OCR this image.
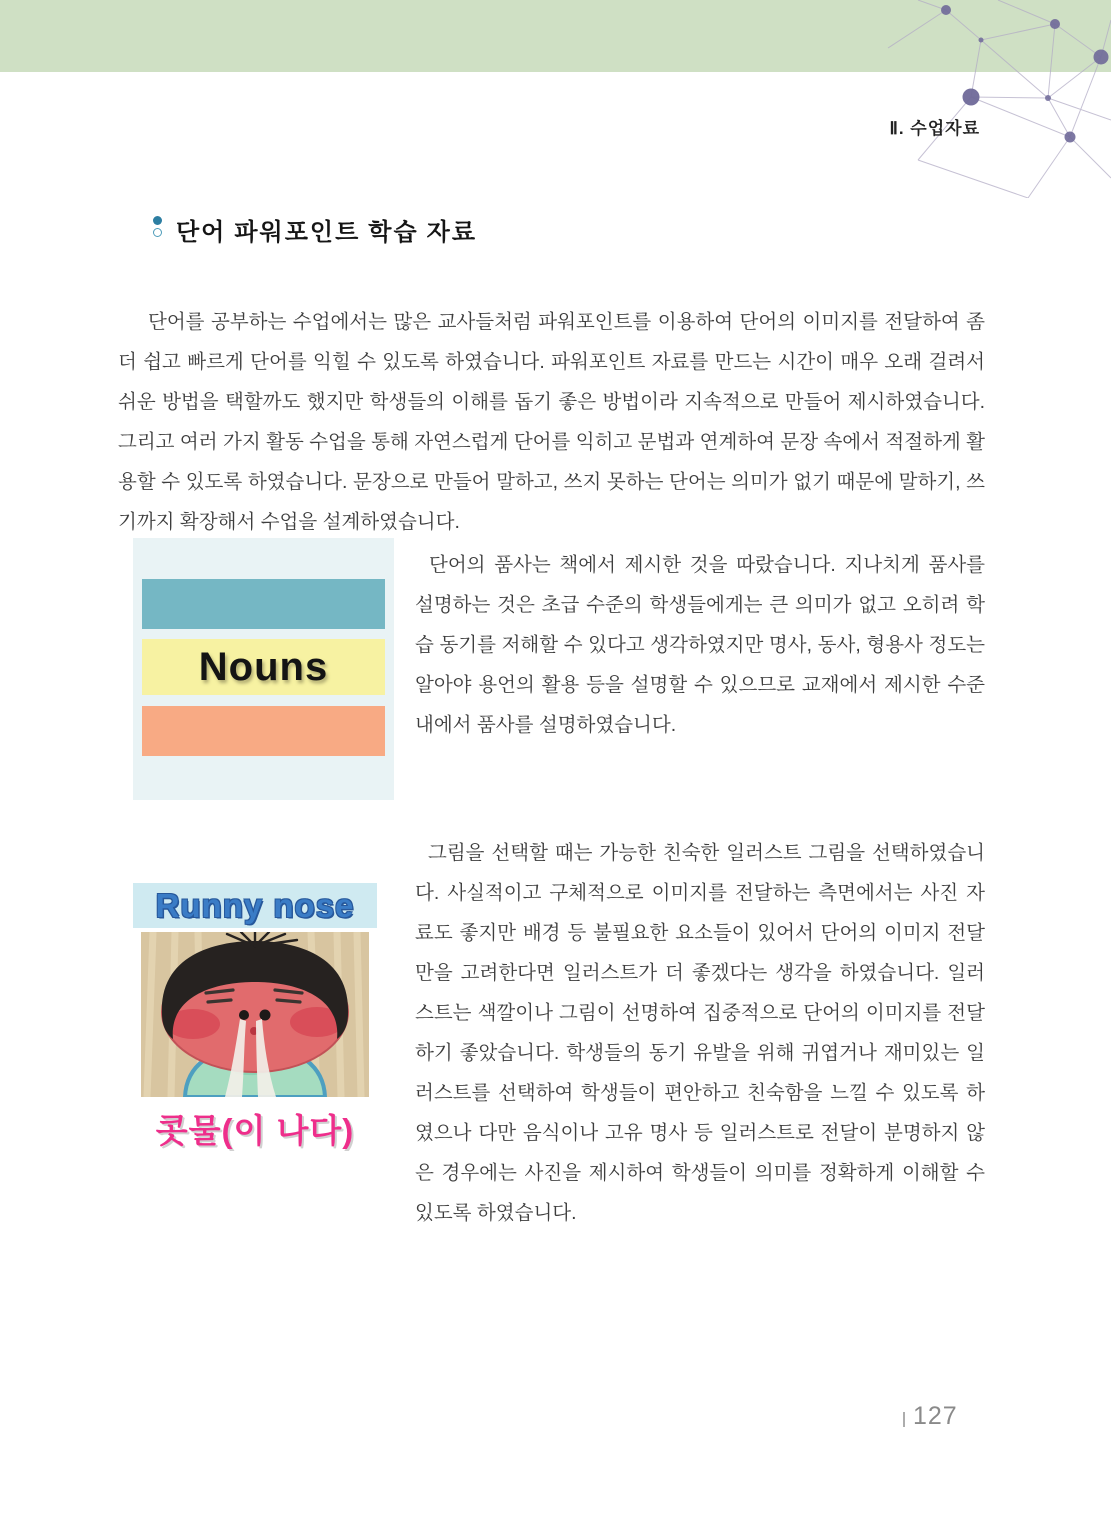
Ⅱ. 수업자료
단어 파워포인트 학습 자료

단어를 공부하는 수업에서는 많은 교사들처럼 파워포인트를 이용하여 단어의 이미지를 전달하여 좀더 쉽고 빠르게 단어를 익힐 수 있도록 하였습니다. 파워포인트 자료를 만드는 시간이 매우 오래 걸려서 쉬운 방법을 택할까도 했지만 학생들의 이해를 돕기 좋은 방법이라 지속적으로 만들어 제시하였습니다. 그리고 여러 가지 활동 수업을 통해 자연스럽게 단어를 익히고 문법과 연계하여 문장 속에서 적절하게 활용할 수 있도록 하였습니다. 문장으로 만들어 말하고, 쓰지 못하는 단어는 의미가 없기 때문에 말하기, 쓰기까지 확장해서 수업을 설계하였습니다.

Nouns

단어의 품사는 책에서 제시한 것을 따랐습니다. 지나치게 품사를 설명하는 것은 초급 수준의 학생들에게는 큰 의미가 없고 오히려 학습 동기를 저해할 수 있다고 생각하였지만 명사, 동사, 형용사 정도는 알아야 용언의 활용 등을 설명할 수 있으므로 교재에서 제시한 수준 내에서 품사를 설명하였습니다.

Runny nose
콧물(이 나다)

그림을 선택할 때는 가능한 친숙한 일러스트 그림을 선택하였습니다. 사실적이고 구체적으로 이미지를 전달하는 측면에서는 사진 자료도 좋지만 배경 등 불필요한 요소들이 있어서 단어의 이미지 전달만을 고려한다면 일러스트가 더 좋겠다는 생각을 하였습니다. 일러스트는 색깔이나 그림이 선명하여 집중적으로 단어의 이미지를 전달하기 좋았습니다. 학생들의 동기 유발을 위해 귀엽거나 재미있는 일러스트를 선택하여 학생들이 편안하고 친숙함을 느낄 수 있도록 하였으나 다만 음식이나 고유 명사 등 일러스트로 전달이 분명하지 않은 경우에는 사진을 제시하여 학생들이 의미를 정확하게 이해할 수 있도록 하였습니다.

127
